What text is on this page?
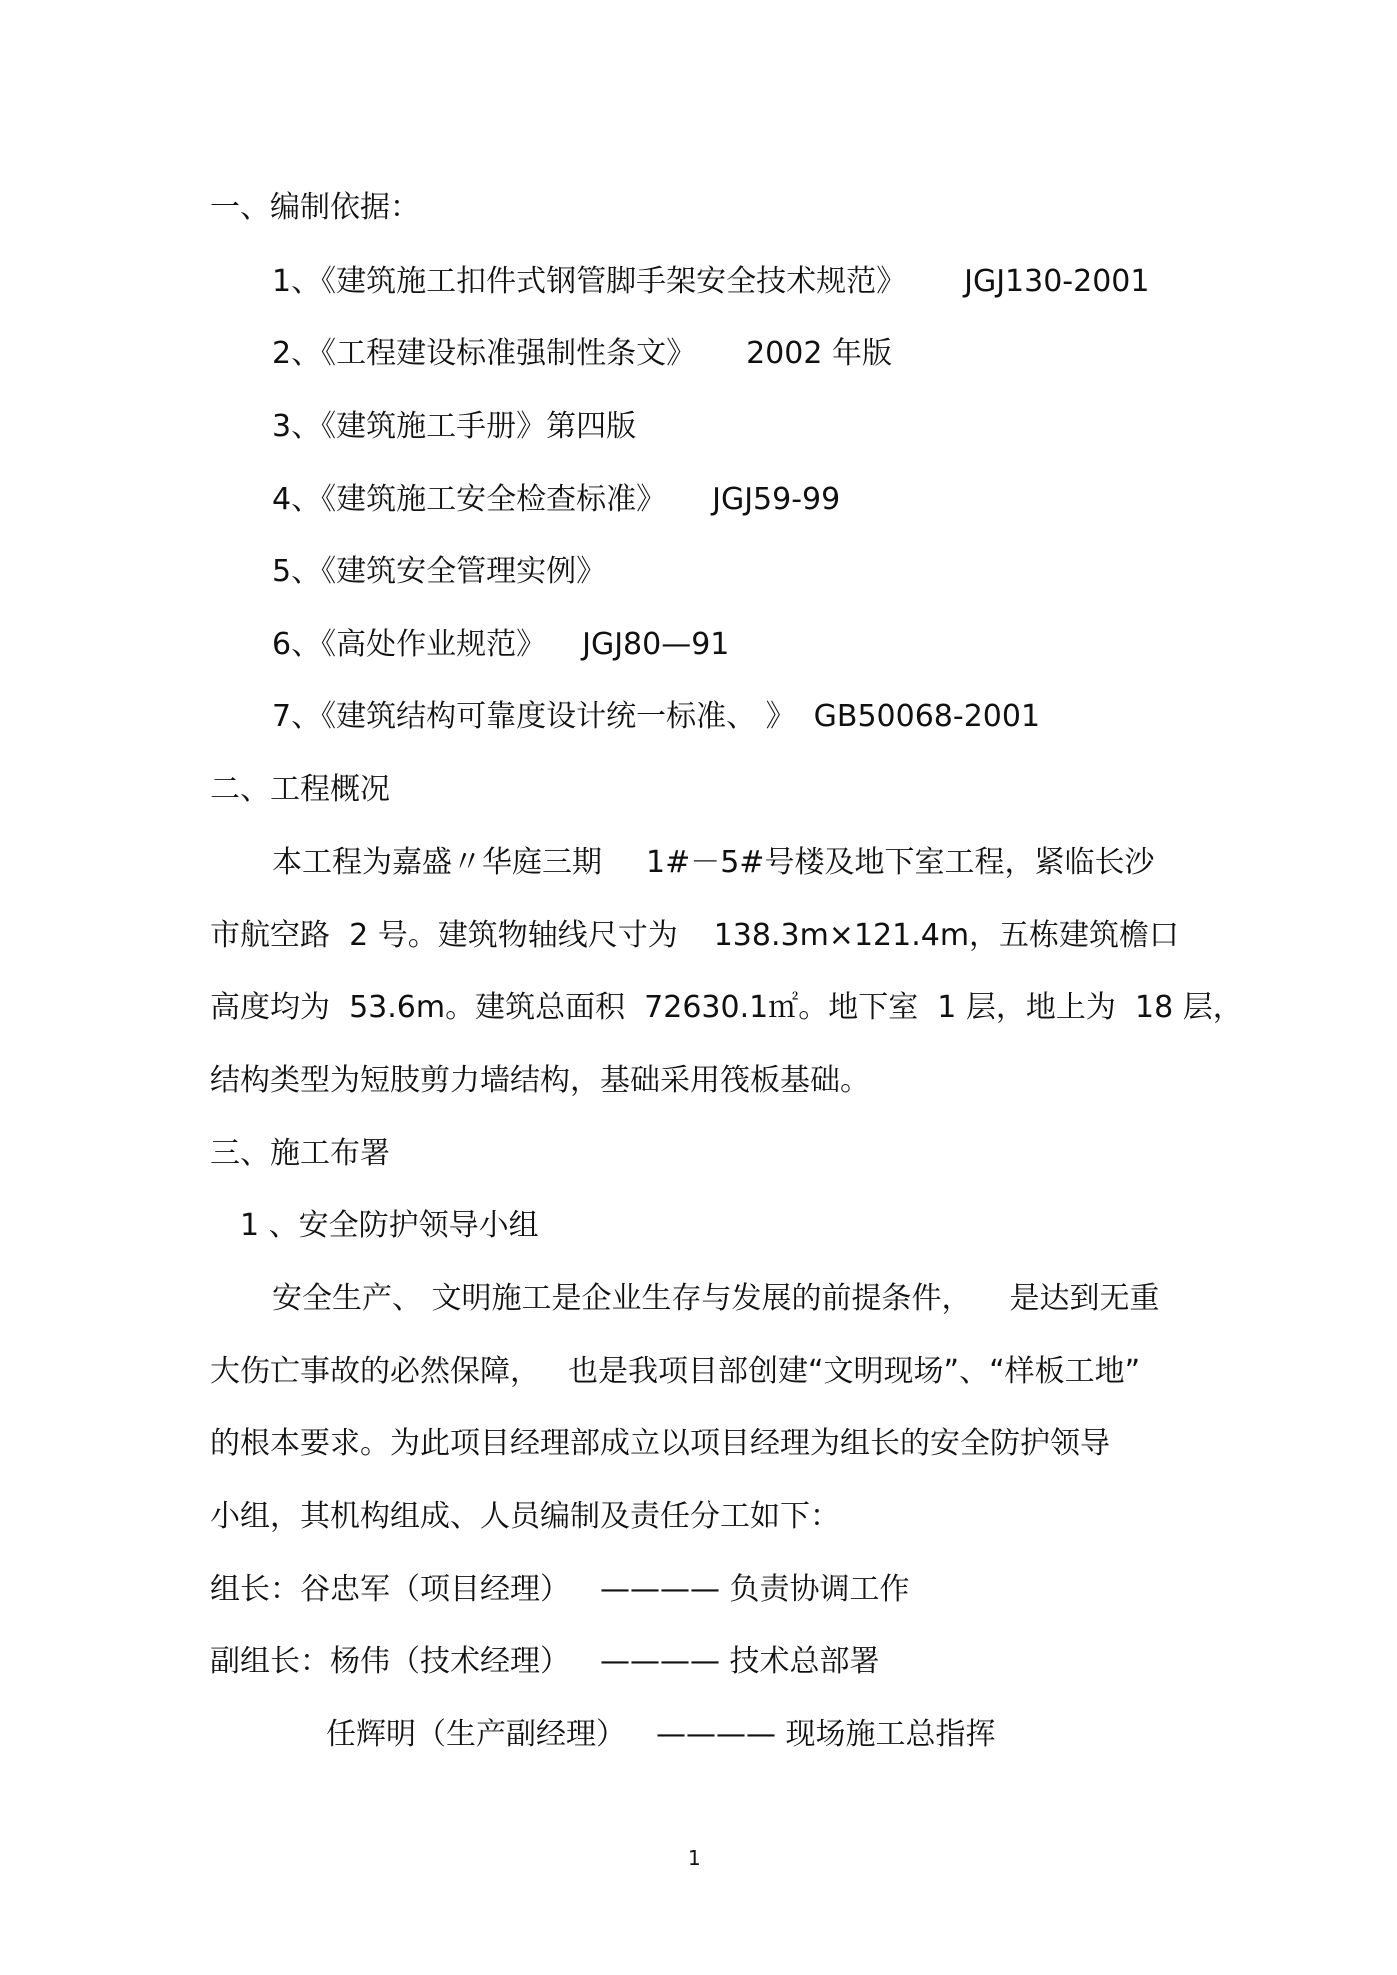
一、编制依据：
1、《建筑施工扣件式钢管脚手架安全技术规范》 JGJ130-2001
2、《工程建设标准强制性条文》 2002 年版
3、《建筑施工手册》第四版
4、《建筑施工安全检查标准》 JGJ59-99
5、《建筑安全管理实例》
6、《高处作业规范》 JGJ80—91
7、《建筑结构可靠度设计统一标准、 》 GB50068-2001
二、工程概况
本工程为嘉盛〃华庭三期 1#－5#号楼及地下室工程，紧临长沙
市航空路  2 号。建筑物轴线尺寸为 138.3m×121.4m，五栋建筑檐口
高度均为  53.6m。建筑总面积  72630.1㎡。地下室  1 层，地上为  18 层，
结构类型为短肢剪力墙结构，基础采用筏板基础。
三、施工布署
1 、安全防护领导小组
安全生产、 文明施工是企业生存与发展的前提条件， 是达到无重
大伤亡事故的必然保障， 也是我项目部创建“文明现场”、“样板工地”
的根本要求。为此项目经理部成立以项目经理为组长的安全防护领导
小组，其机构组成、人员编制及责任分工如下：
组长：谷忠军（项目经理） ———— 负责协调工作
副组长：杨伟（技术经理） ———— 技术总部署
任辉明（生产副经理） ———— 现场施工总指挥
1
